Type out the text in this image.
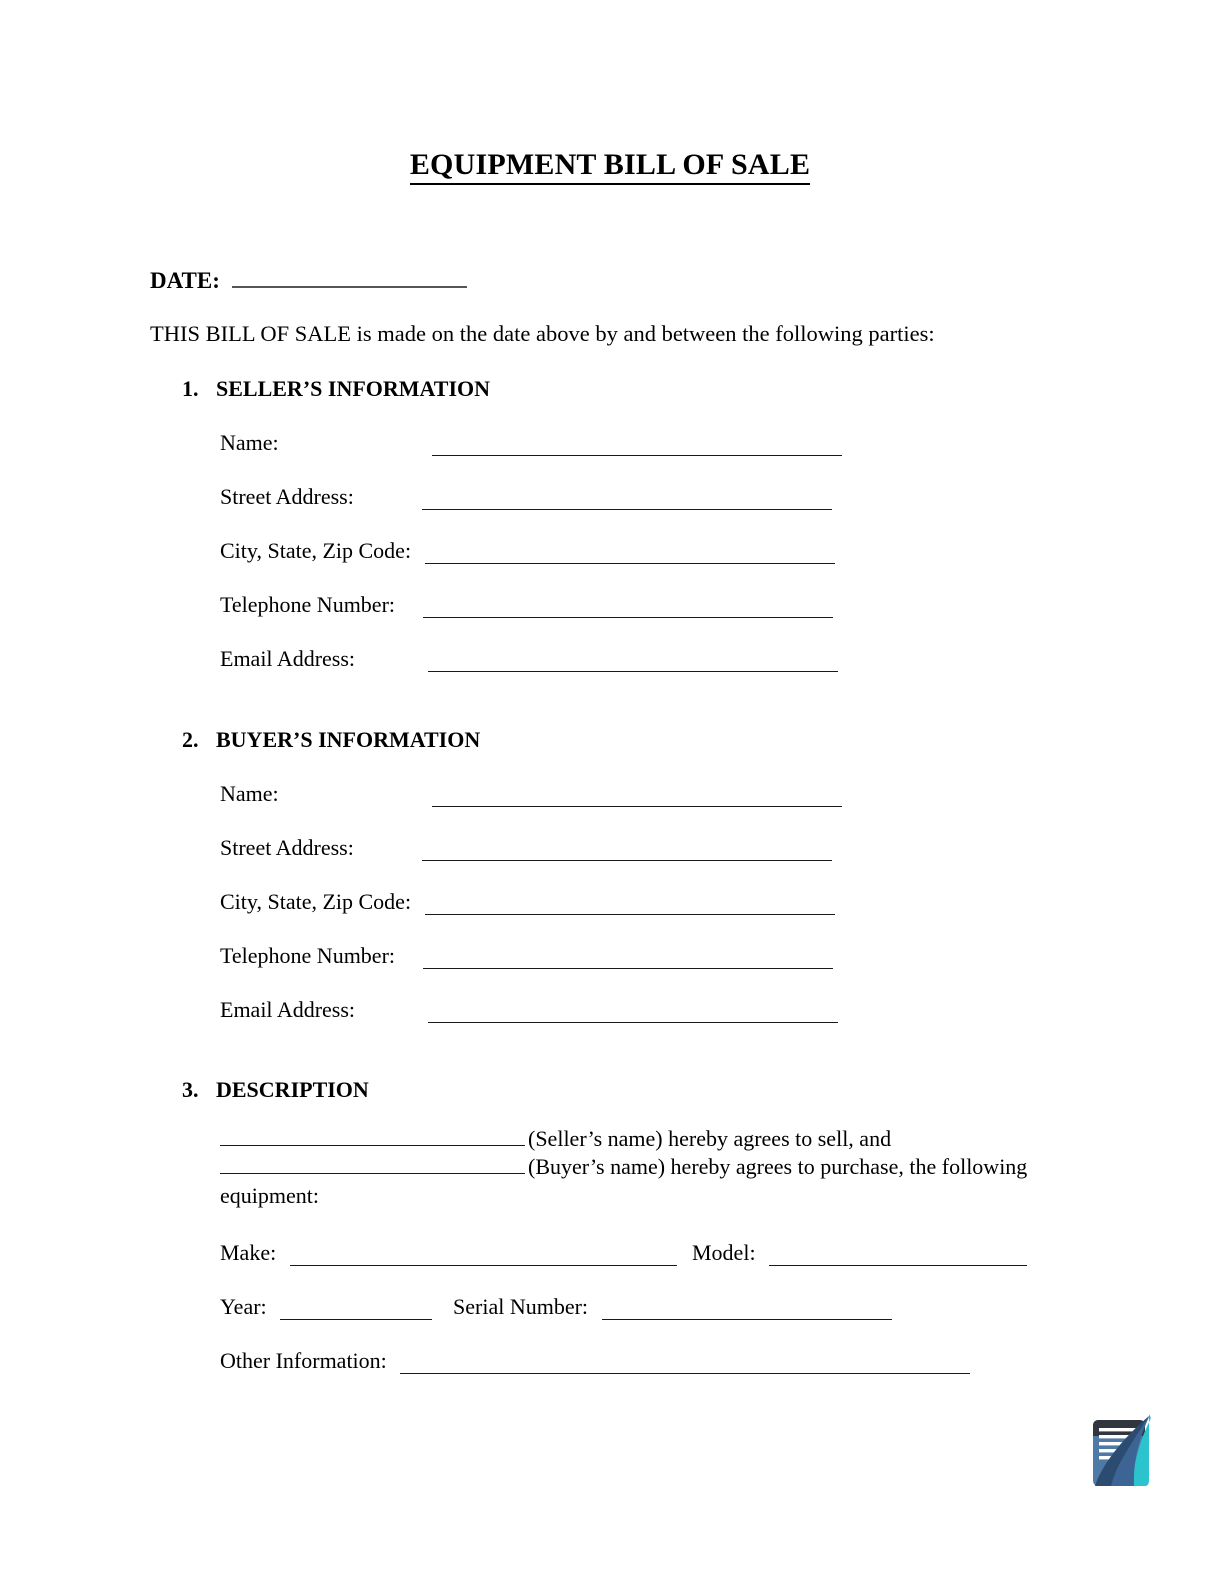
EQUIPMENT BILL OF SALE
DATE:
THIS BILL OF SALE is made on the date above by and between the following parties:
1. SELLER’S INFORMATION
Name:
Street Address:
City, State, Zip Code:
Telephone Number:
Email Address:
2. BUYER’S INFORMATION
Name:
Street Address:
City, State, Zip Code:
Telephone Number:
Email Address:
3. DESCRIPTION
(Seller’s name) hereby agrees to sell, and
(Buyer’s name) hereby agrees to purchase, the following
equipment:
Make:	Model:
Year:	Serial Number:
Other Information:
